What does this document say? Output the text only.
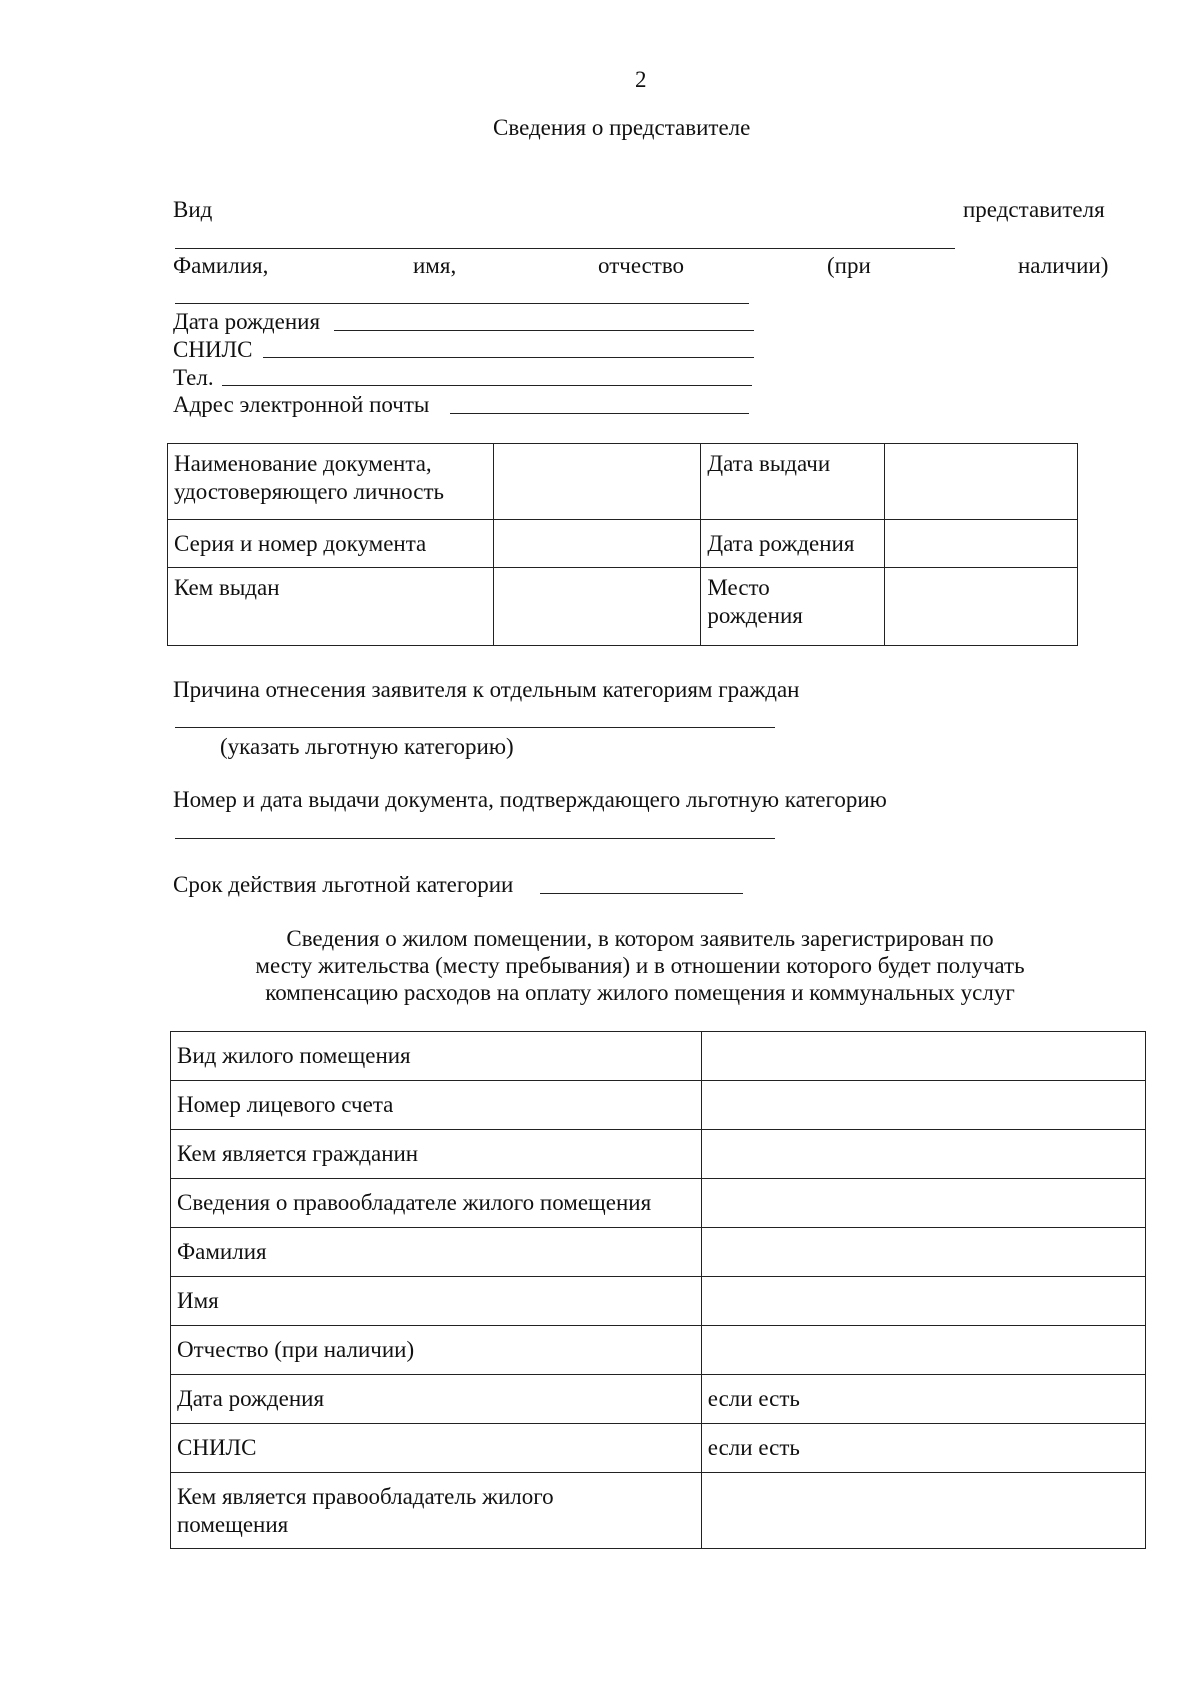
2
Сведения о представителе
Вид	представителя
Фамилия,	имя,	отчество	(при	наличии)
Дата рождения
СНИЛС
Тел.
Адрес электронной почты
Наименование документа, удостоверяющего личность		Дата выдачи	
Серия и номер документа		Дата рождения	
Кем выдан		Место рождения	
Причина отнесения заявителя к отдельным категориям граждан
(указать льготную категорию)
Номер и дата выдачи документа, подтверждающего льготную категорию
Срок действия льготной категории
Сведения о жилом помещении, в котором заявитель зарегистрирован по
месту жительства (месту пребывания) и в отношении которого будет получать
компенсацию расходов на оплату жилого помещения и коммунальных услуг
Вид жилого помещения	
Номер лицевого счета	
Кем является гражданин	
Сведения о правообладателе жилого помещения	
Фамилия	
Имя	
Отчество (при наличии)	
Дата рождения	если есть
СНИЛС	если есть
Кем является правообладатель жилого помещения	
